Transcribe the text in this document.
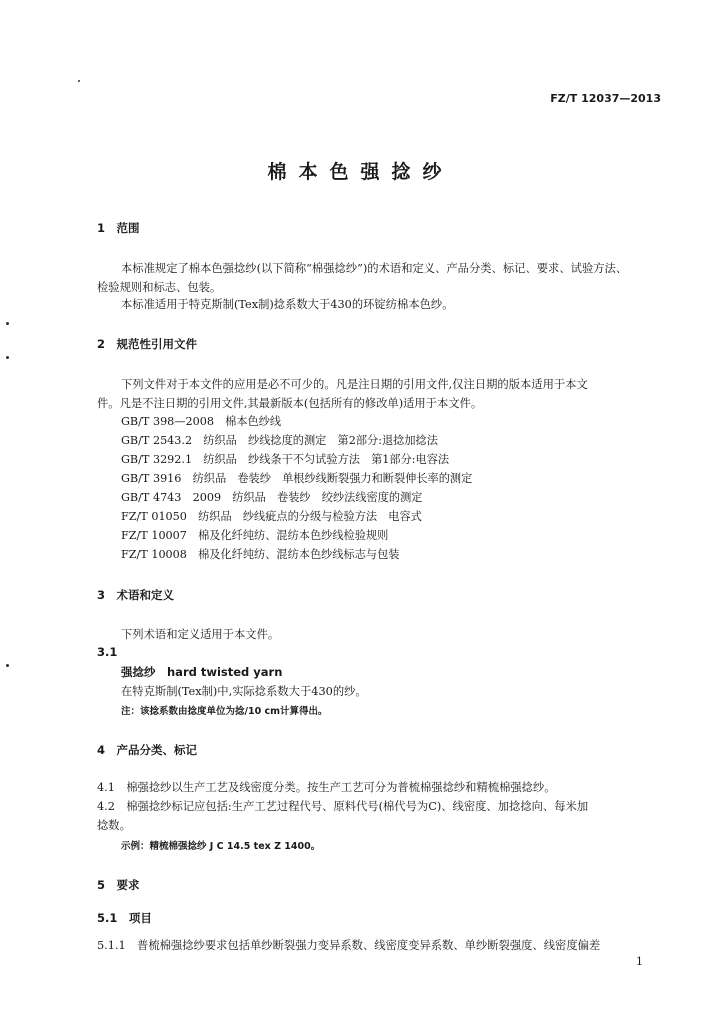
FZ/T 12037—2013
棉本色强捻纱
1　范围
本标准规定了棉本色强捻纱(以下简称“棉强捻纱”)的术语和定义、产品分类、标记、要求、试验方法、
检验规则和标志、包装。
本标准适用于特克斯制(Tex制)捻系数大于430的环锭纺棉本色纱。
2　规范性引用文件
下列文件对于本文件的应用是必不可少的。凡是注日期的引用文件,仅注日期的版本适用于本文
件。凡是不注日期的引用文件,其最新版本(包括所有的修改单)适用于本文件。
GB/T 398—2008　棉本色纱线
GB/T 2543.2　纺织品　纱线捻度的测定　第2部分:退捻加捻法
GB/T 3292.1　纺织品　纱线条干不匀试验方法　第1部分:电容法
GB/T 3916　纺织品　卷装纱　单根纱线断裂强力和断裂伸长率的测定
GB/T 4743　2009　纺织品　卷装纱　绞纱法线密度的测定
FZ/T 01050　纺织品　纱线疵点的分级与检验方法　电容式
FZ/T 10007　棉及化纤纯纺、混纺本色纱线检验规则
FZ/T 10008　棉及化纤纯纺、混纺本色纱线标志与包装
3　术语和定义
下列术语和定义适用于本文件。
3.1
强捻纱　hard twisted yarn
在特克斯制(Tex制)中,实际捻系数大于430的纱。
注：该捻系数由捻度单位为捻/10 cm计算得出。
4　产品分类、标记
4.1　棉强捻纱以生产工艺及线密度分类。按生产工艺可分为普梳棉强捻纱和精梳棉强捻纱。
4.2　棉强捻纱标记应包括:生产工艺过程代号、原料代号(棉代号为C)、线密度、加捻捻向、每米加
捻数。
示例：精梳棉强捻纱 J C 14.5 tex Z 1400。
5　要求
5.1　项目
5.1.1　普梳棉强捻纱要求包括单纱断裂强力变异系数、线密度变异系数、单纱断裂强度、线密度偏差
1
